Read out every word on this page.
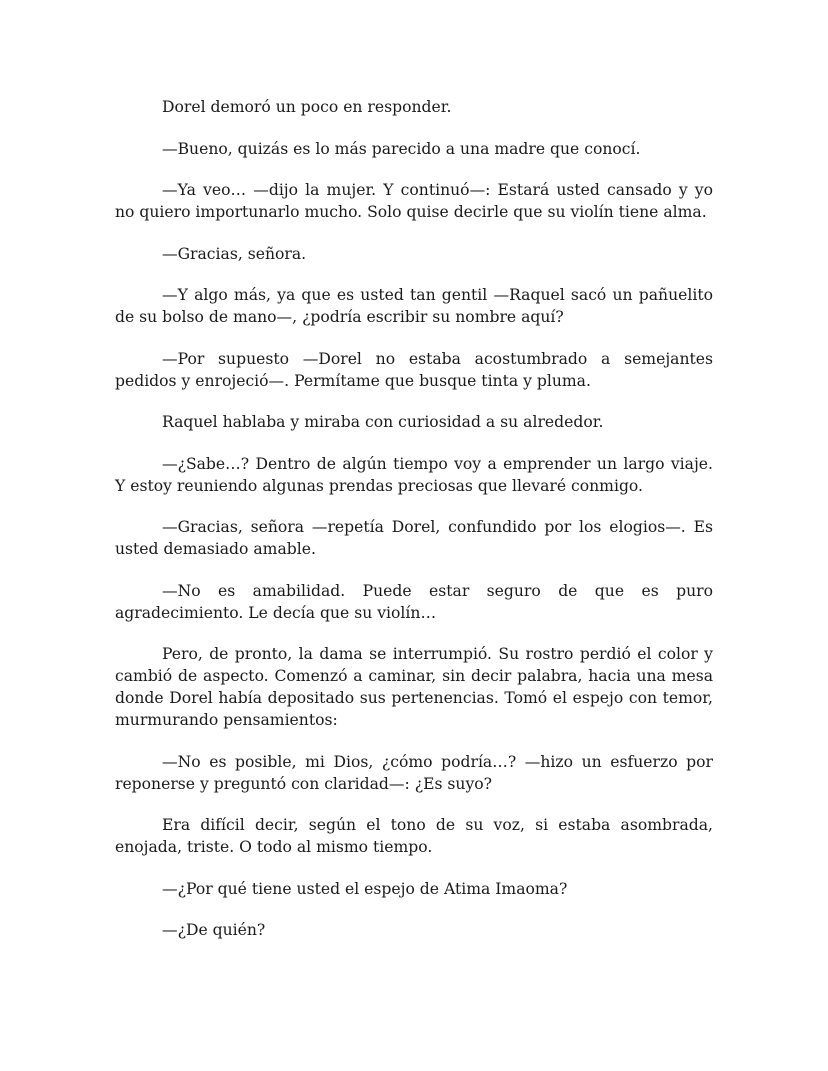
Dorel demoró un poco en responder.

—Bueno, quizás es lo más parecido a una madre que conocí.

—Ya veo… —dijo la mujer. Y continuó—: Estará usted cansado y yo no quiero importunarlo mucho. Solo quise decirle que su violín tiene alma.

—Gracias, señora.

—Y algo más, ya que es usted tan gentil —Raquel sacó un pañuelito de su bolso de mano—, ¿podría escribir su nombre aquí?

—Por supuesto —Dorel no estaba acostumbrado a semejantes pedidos y enrojeció—. Permítame que busque tinta y pluma.

Raquel hablaba y miraba con curiosidad a su alrededor.

—¿Sabe…? Dentro de algún tiempo voy a emprender un largo viaje. Y estoy reuniendo algunas prendas preciosas que llevaré conmigo.

—Gracias, señora —repetía Dorel, confundido por los elogios—. Es usted demasiado amable.

—No es amabilidad. Puede estar seguro de que es puro agradecimiento. Le decía que su violín…

Pero, de pronto, la dama se interrumpió. Su rostro perdió el color y cambió de aspecto. Comenzó a caminar, sin decir palabra, hacia una mesa donde Dorel había depositado sus pertenencias. Tomó el espejo con temor, murmurando pensamientos:

—No es posible, mi Dios, ¿cómo podría…? —hizo un esfuerzo por reponerse y preguntó con claridad—: ¿Es suyo?

Era difícil decir, según el tono de su voz, si estaba asombrada, enojada, triste. O todo al mismo tiempo.

—¿Por qué tiene usted el espejo de Atima Imaoma?

—¿De quién?
